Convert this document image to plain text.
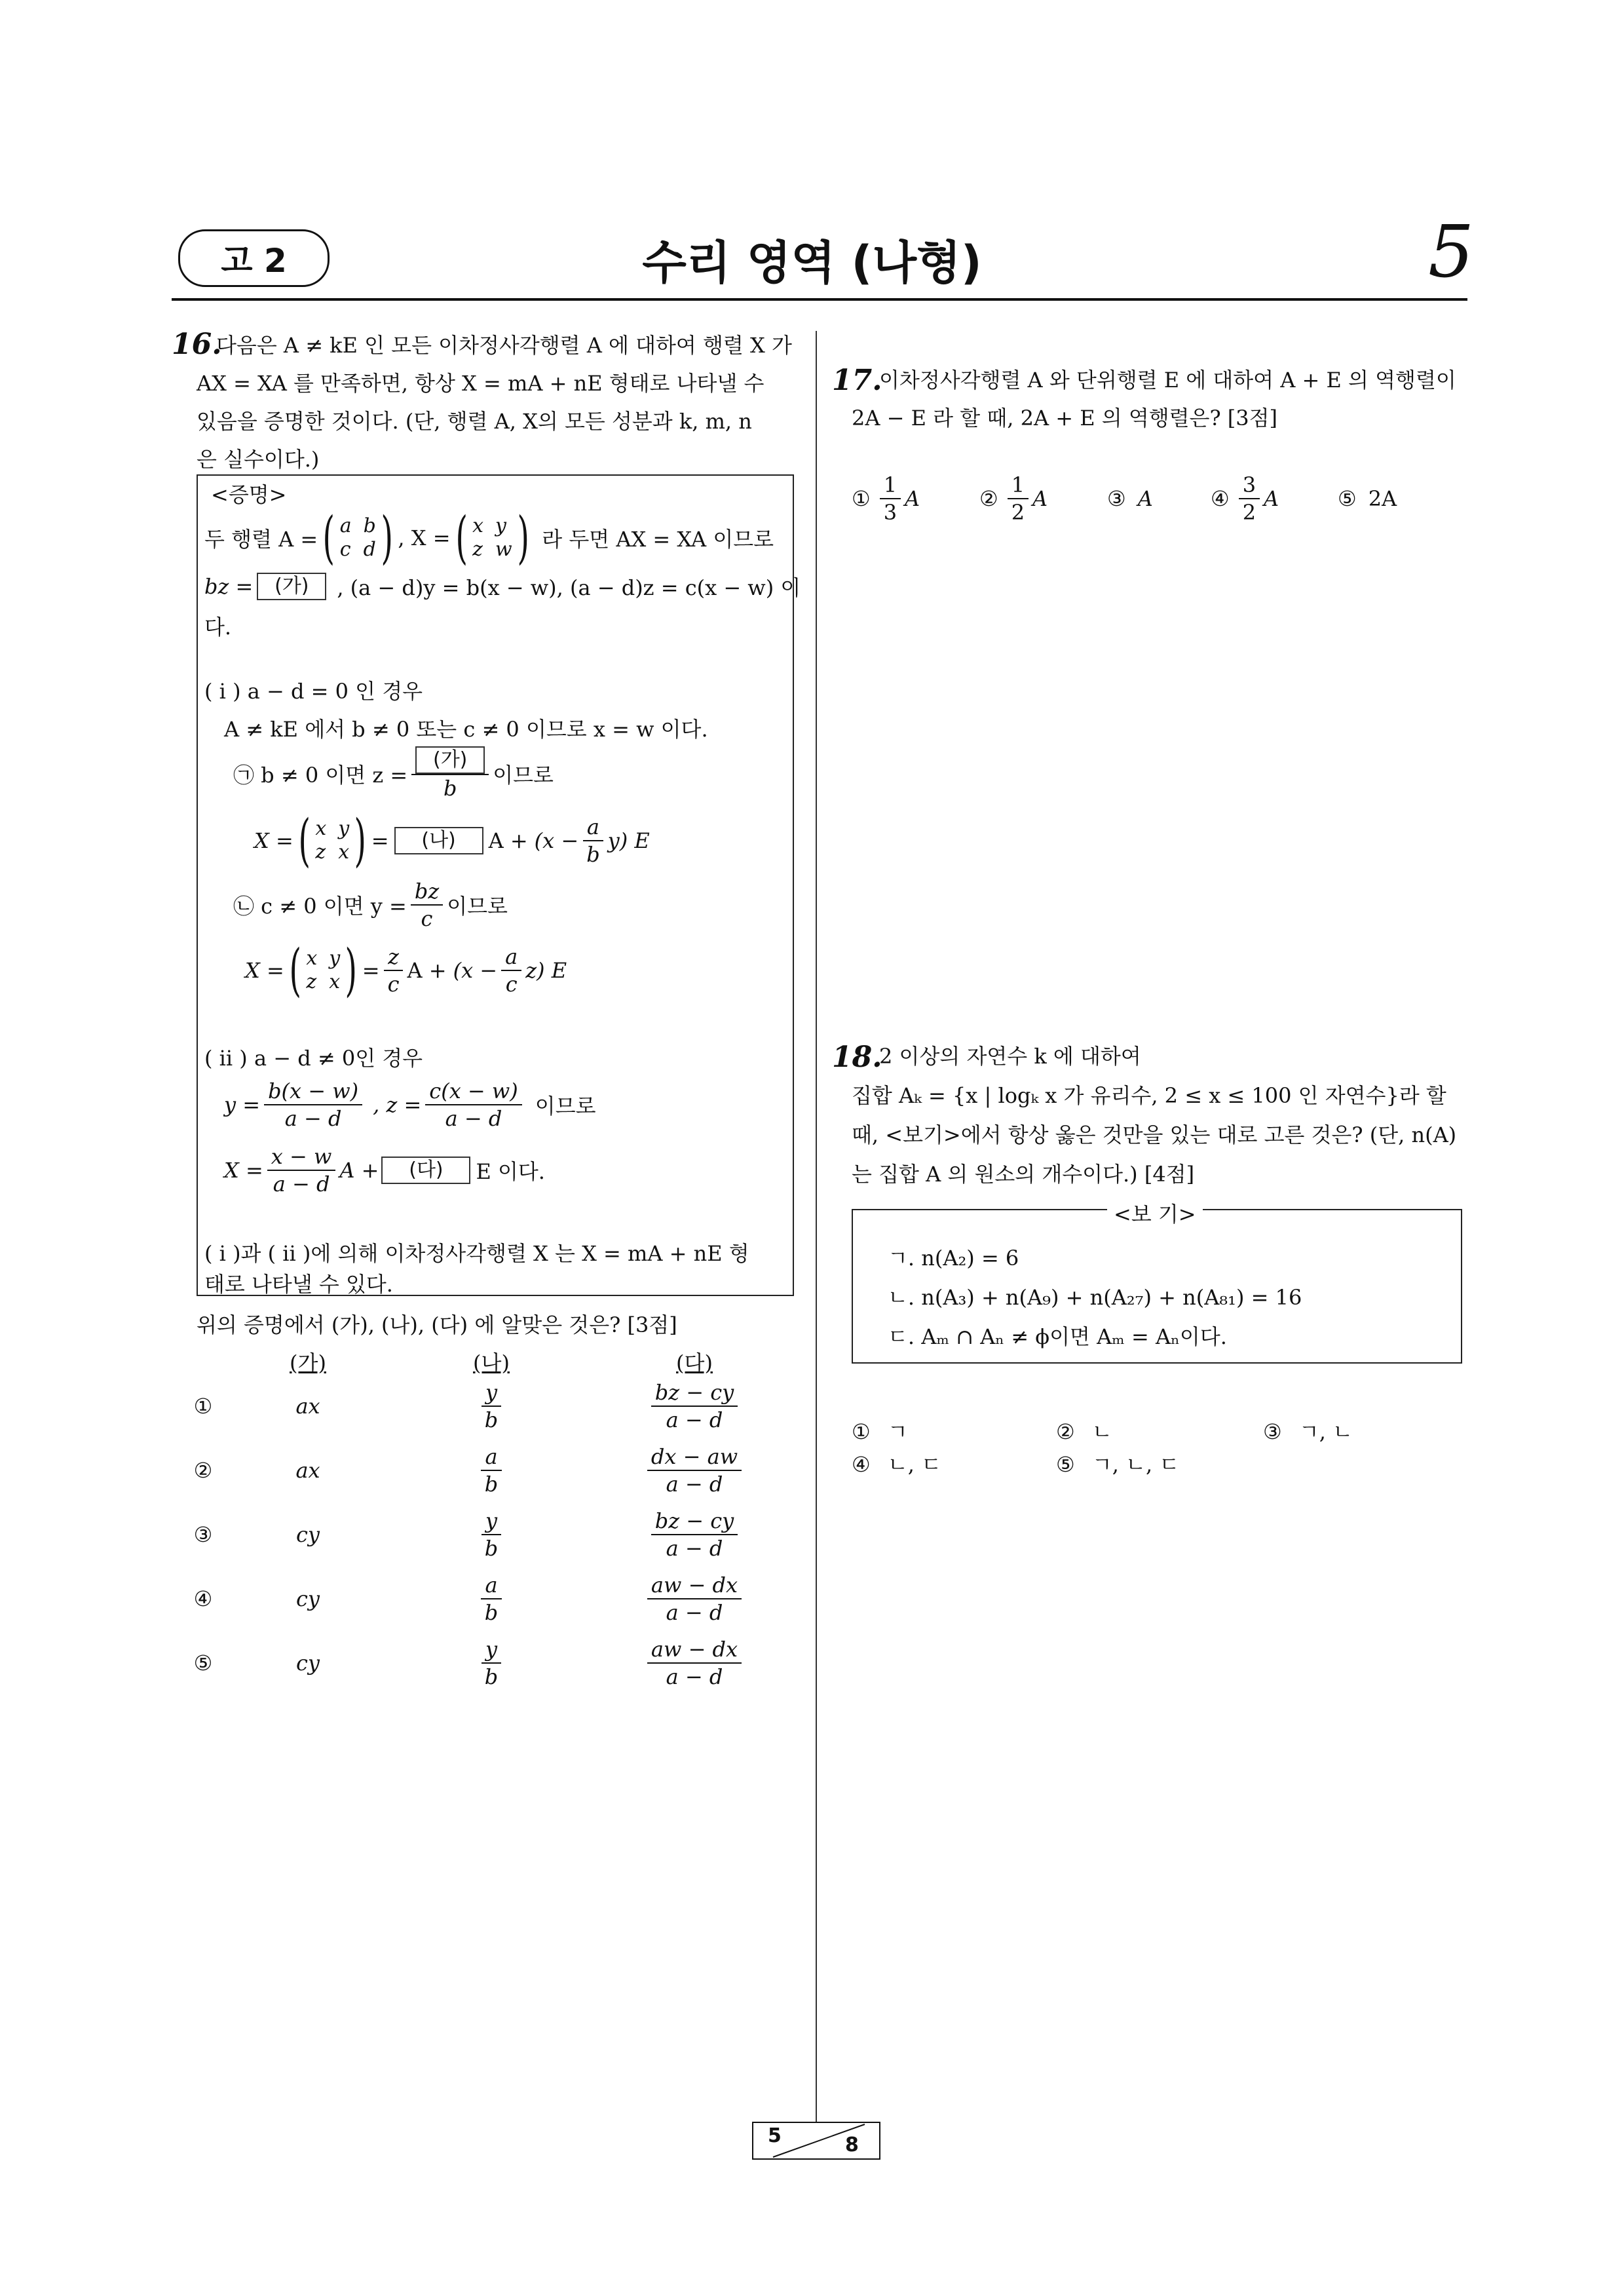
고 2	수리 영역 (나형)	5
16.
다음은 A ≠ kE 인 모든 이차정사각행렬 A 에 대하여 행렬 X 가
AX = XA 를 만족하면, 항상 X = mA + nE 형태로 나타낼 수
있음을 증명한 것이다. (단, 행렬 A, X의 모든 성분과 k, m, n
은 실수이다.)
<증명>
두 행렬 A = ( a b
c d ) , X = ( x y
z w ) 라 두면 AX = XA 이므로
bz =	(가)	, (a − d)y = b(x − w), (a − d)z = c(x − w) 이
다.
( i ) a − d = 0 인 경우
A ≠ kE 에서 b ≠ 0 또는 c ≠ 0 이므로 x = w 이다.
㉠ b ≠ 0 이면 $z = \frac{\text{(가)}}{b}$ 이므로
X = ( x y
z x ) =	(나)	$A + (x - \frac{a}{b} y)$ E
㉡ c ≠ 0 이면 $y = \frac{bz}{c}$ 이므로
X = ( x y
z x ) = $\frac{z}{c}$ $A + (x - \frac{a}{c} z)$ E
( ii ) a − d ≠ 0인 경우
$y = \frac{b(x - w)}{a - d}$ , $z = \frac{c(x - w)}{a - d}$ 이므로
$X = \frac{x - w}{a - d}$ A +	(다)	E 이다.
( i )과 ( ii )에 의해 이차정사각행렬 X 는 X = mA + nE 형
태로 나타낼 수 있다.
위의 증명에서 (가), (나), (다) 에 알맞은 것은? [3점]
(가)	(나)	(다)
①	ax	$\frac{y}{b}$	$\frac{bz - cy}{a - d}$
②	ax	$\frac{a}{b}$	$\frac{dx - aw}{a - d}$
③	cy	$\frac{y}{b}$	$\frac{bz - cy}{a - d}$
④	cy	$\frac{a}{b}$	$\frac{aw - dx}{a - d}$
⑤	cy	$\frac{y}{b}$	$\frac{aw - dx}{a - d}$
17.
이차정사각행렬 A 와 단위행렬 E 에 대하여 A + E 의 역행렬이
2A − E 라 할 때, 2A + E 의 역행렬은? [3점]
① $\frac{1}{3}$ A	② $\frac{1}{2}$ A	③ A	④ $\frac{3}{2}$ A	⑤ 2A
18.
2 이상의 자연수 k 에 대하여
집합 Aₖ = {x | logₖ x 가 유리수, 2 ≤ x ≤ 100 인 자연수}라 할
때, <보기>에서 항상 옳은 것만을 있는 대로 고른 것은? (단, n(A)
는 집합 A 의 원소의 개수이다.) [4점]
<보 기>
ㄱ. n(A₂) = 6
ㄴ. n(A₃) + n(A₉) + n(A₂₇) + n(A₈₁) = 16
ㄷ. Aₘ ∩ Aₙ ≠ ϕ이면 Aₘ = Aₙ이다.
① ㄱ	② ㄴ	③ ㄱ, ㄴ
④ ㄴ, ㄷ	⑤ ㄱ, ㄴ, ㄷ
5	8
